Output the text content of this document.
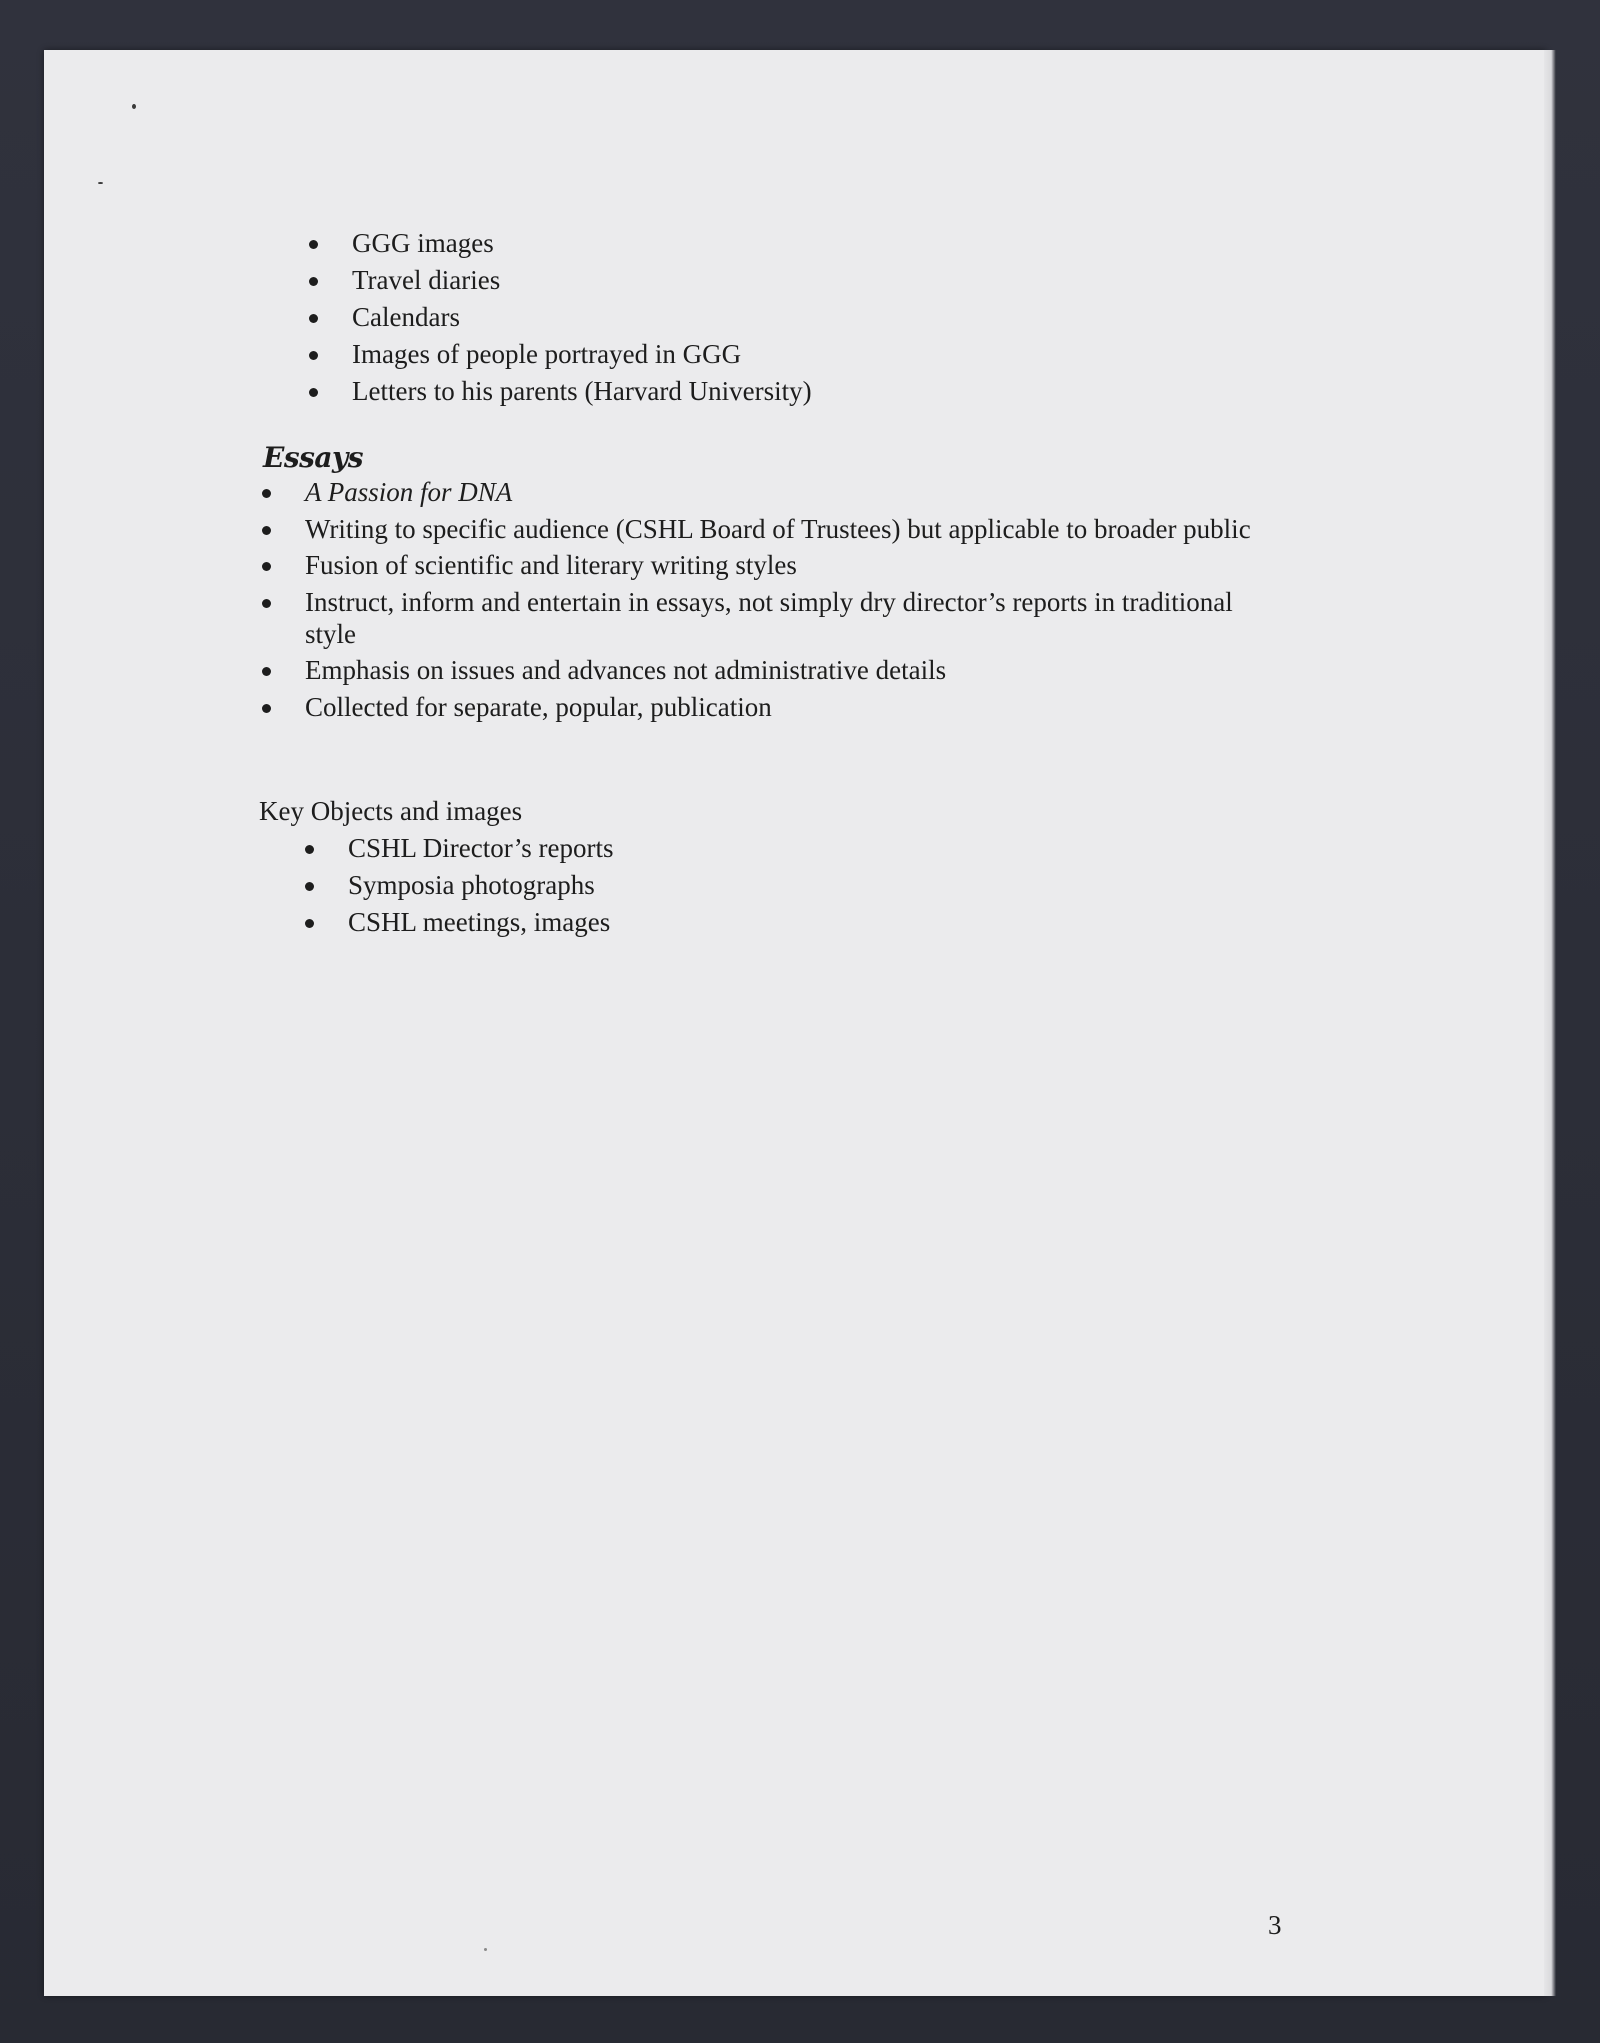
GGG images
Travel diaries
Calendars
Images of people portrayed in GGG
Letters to his parents (Harvard University)
Essays
A Passion for DNA
Writing to specific audience (CSHL Board of Trustees) but applicable to broader public
Fusion of scientific and literary writing styles
Instruct, inform and entertain in essays, not simply dry director’s reports in traditional style
Emphasis on issues and advances not administrative details
Collected for separate, popular, publication
Key Objects and images
CSHL Director’s reports
Symposia photographs
CSHL meetings, images
3
